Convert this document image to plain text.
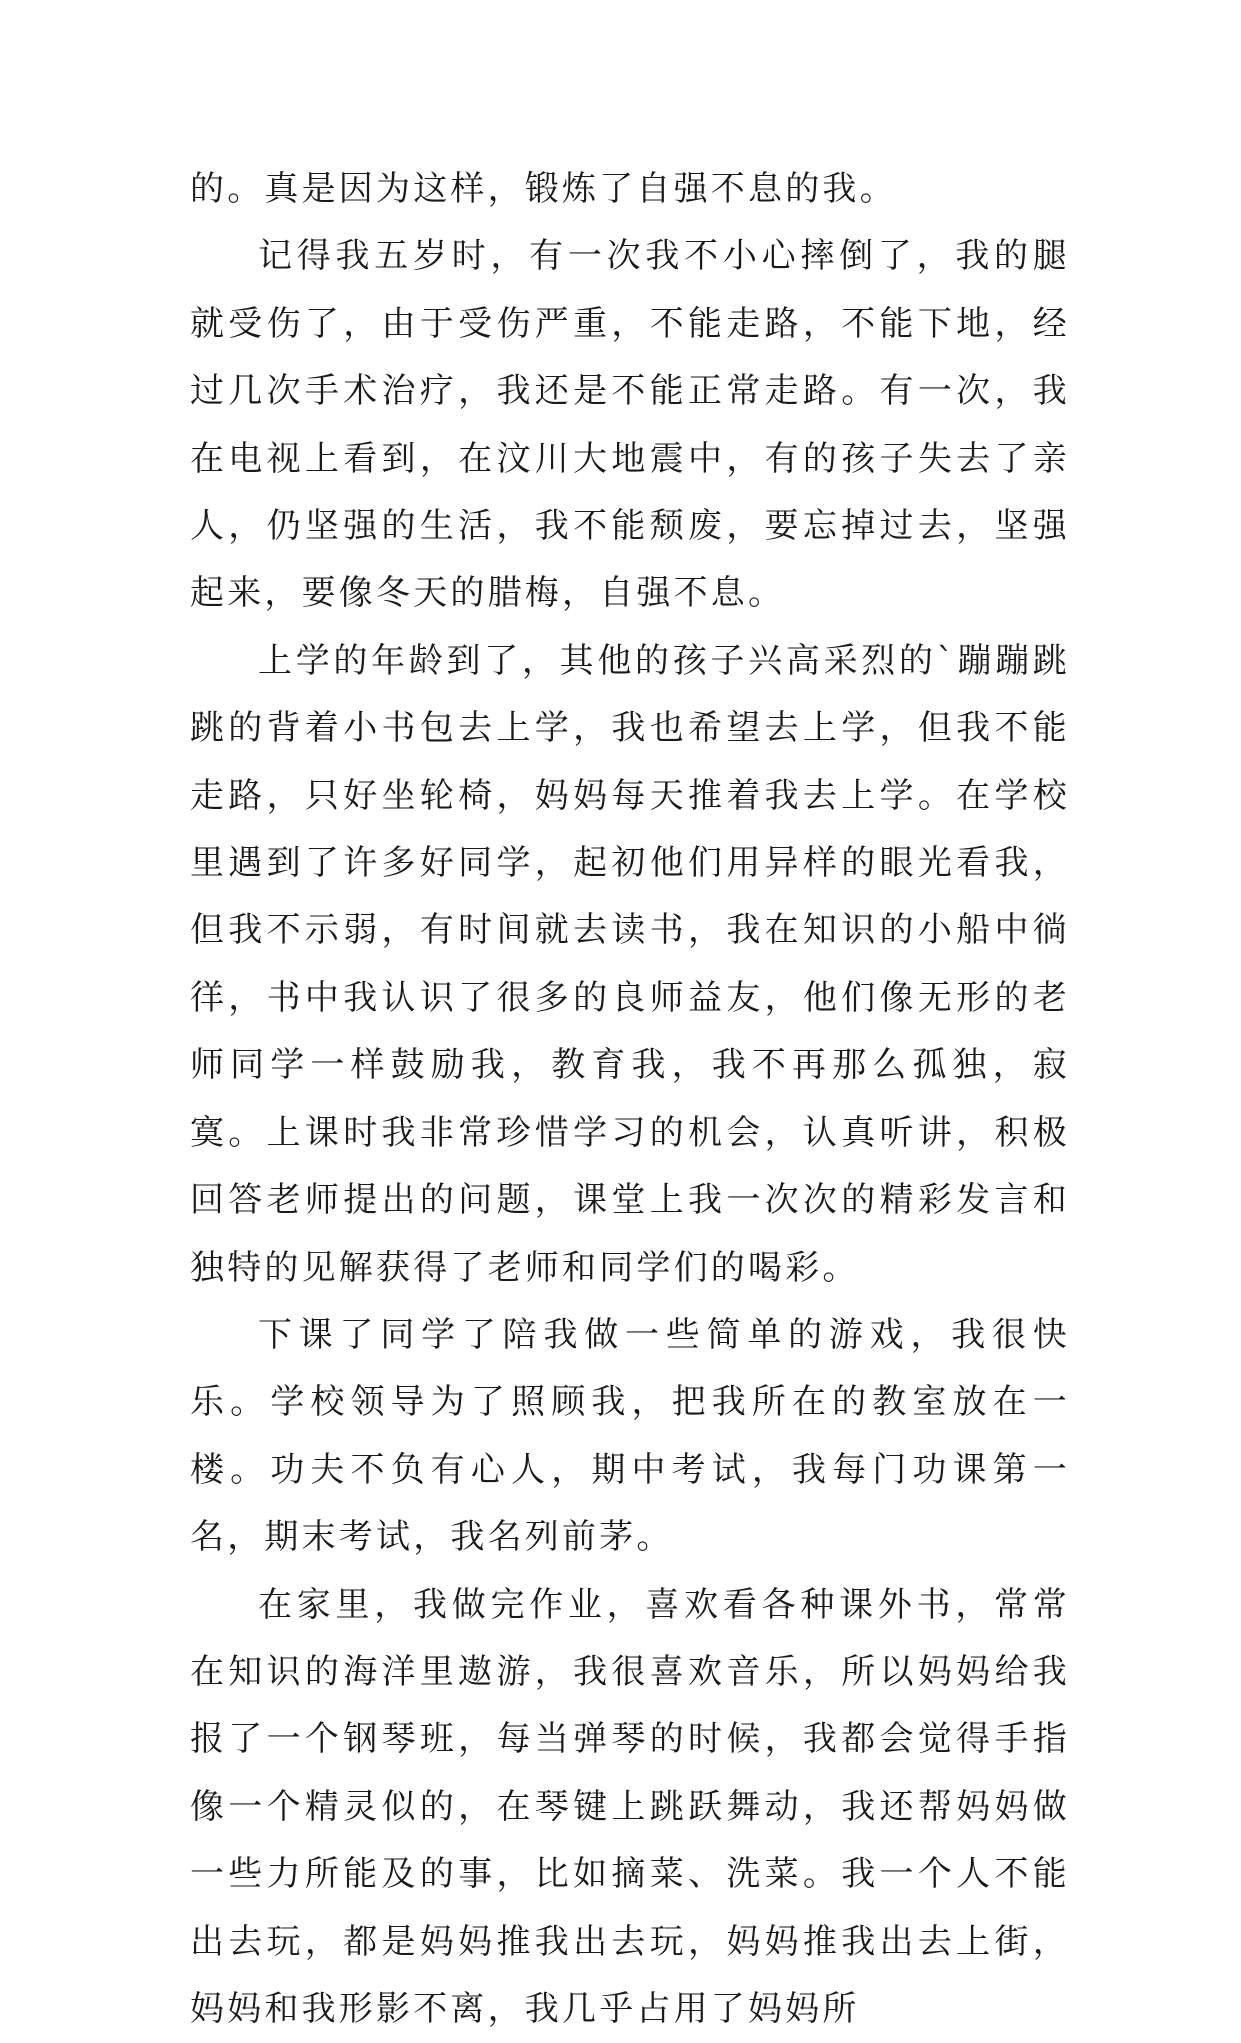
的。真是因为这样，锻炼了自强不息的我。

记得我五岁时，有一次我不小心摔倒了，我的腿就受伤了，由于受伤严重，不能走路，不能下地，经过几次手术治疗，我还是不能正常走路。有一次，我在电视上看到，在汶川大地震中，有的孩子失去了亲人，仍坚强的生活，我不能颓废，要忘掉过去，坚强起来，要像冬天的腊梅，自强不息。

上学的年龄到了，其他的孩子兴高采烈的`蹦蹦跳跳的背着小书包去上学，我也希望去上学，但我不能走路，只好坐轮椅，妈妈每天推着我去上学。在学校里遇到了许多好同学，起初他们用异样的眼光看我，但我不示弱，有时间就去读书，我在知识的小船中徜徉，书中我认识了很多的良师益友，他们像无形的老师同学一样鼓励我，教育我，我不再那么孤独，寂寞。上课时我非常珍惜学习的机会，认真听讲，积极回答老师提出的问题，课堂上我一次次的精彩发言和独特的见解获得了老师和同学们的喝彩。

下课了同学了陪我做一些简单的游戏，我很快乐。学校领导为了照顾我，把我所在的教室放在一楼。功夫不负有心人，期中考试，我每门功课第一名，期末考试，我名列前茅。

在家里，我做完作业，喜欢看各种课外书，常常在知识的海洋里遨游，我很喜欢音乐，所以妈妈给我报了一个钢琴班，每当弹琴的时候，我都会觉得手指像一个精灵似的，在琴键上跳跃舞动，我还帮妈妈做一些力所能及的事，比如摘菜、洗菜。我一个人不能出去玩，都是妈妈推我出去玩，妈妈推我出去上街，妈妈和我形影不离，我几乎占用了妈妈所
